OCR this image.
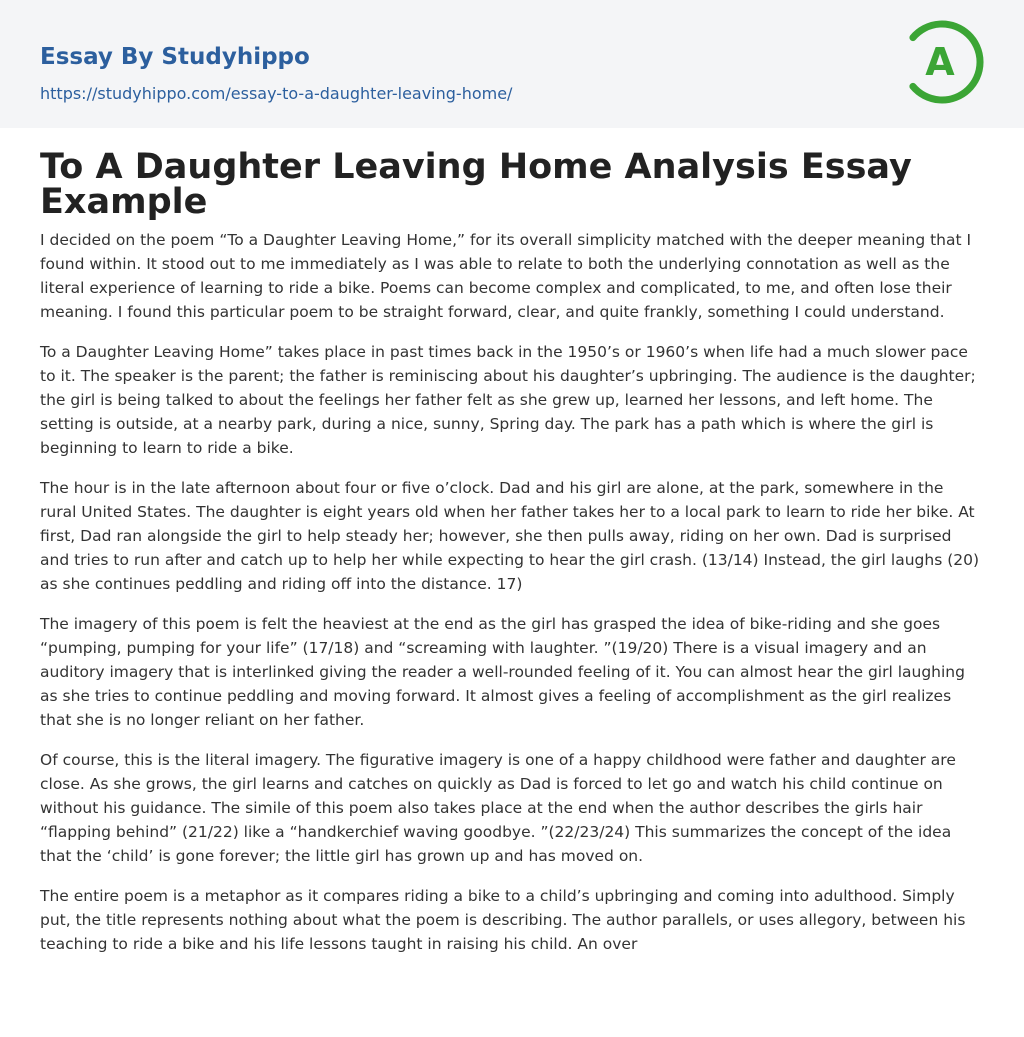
Essay By Studyhippo
https://studyhippo.com/essay-to-a-daughter-leaving-home/
A
To A Daughter Leaving Home Analysis Essay Example

I decided on the poem “To a Daughter Leaving Home,” for its overall simplicity matched with the deeper meaning that I found within. It stood out to me immediately as I was able to relate to both the underlying connotation as well as the literal experience of learning to ride a bike. Poems can become complex and complicated, to me, and often lose their meaning. I found this particular poem to be straight forward, clear, and quite frankly, something I could understand.

To a Daughter Leaving Home” takes place in past times back in the 1950’s or 1960’s when life had a much slower pace to it. The speaker is the parent; the father is reminiscing about his daughter’s upbringing. The audience is the daughter; the girl is being talked to about the feelings her father felt as she grew up, learned her lessons, and left home. The setting is outside, at a nearby park, during a nice, sunny, Spring day. The park has a path which is where the girl is beginning to learn to ride a bike.

The hour is in the late afternoon about four or five o’clock. Dad and his girl are alone, at the park, somewhere in the rural United States. The daughter is eight years old when her father takes her to a local park to learn to ride her bike. At first, Dad ran alongside the girl to help steady her; however, she then pulls away, riding on her own. Dad is surprised and tries to run after and catch up to help her while expecting to hear the girl crash. (13/14) Instead, the girl laughs (20) as she continues peddling and riding off into the distance. 17)

The imagery of this poem is felt the heaviest at the end as the girl has grasped the idea of bike-riding and she goes “pumping, pumping for your life” (17/18) and “screaming with laughter. ”(19/20) There is a visual imagery and an auditory imagery that is interlinked giving the reader a well-rounded feeling of it. You can almost hear the girl laughing as she tries to continue peddling and moving forward. It almost gives a feeling of accomplishment as the girl realizes that she is no longer reliant on her father.

Of course, this is the literal imagery. The figurative imagery is one of a happy childhood were father and daughter are close. As she grows, the girl learns and catches on quickly as Dad is forced to let go and watch his child continue on without his guidance. The simile of this poem also takes place at the end when the author describes the girls hair “flapping behind” (21/22) like a “handkerchief waving goodbye. ”(22/23/24) This summarizes the concept of the idea that the ‘child’ is gone forever; the little girl has grown up and has moved on.

The entire poem is a metaphor as it compares riding a bike to a child’s upbringing and coming into adulthood. Simply put, the title represents nothing about what the poem is describing. The author parallels, or uses allegory, between his teaching to ride a bike and his life lessons taught in raising his child. An over
